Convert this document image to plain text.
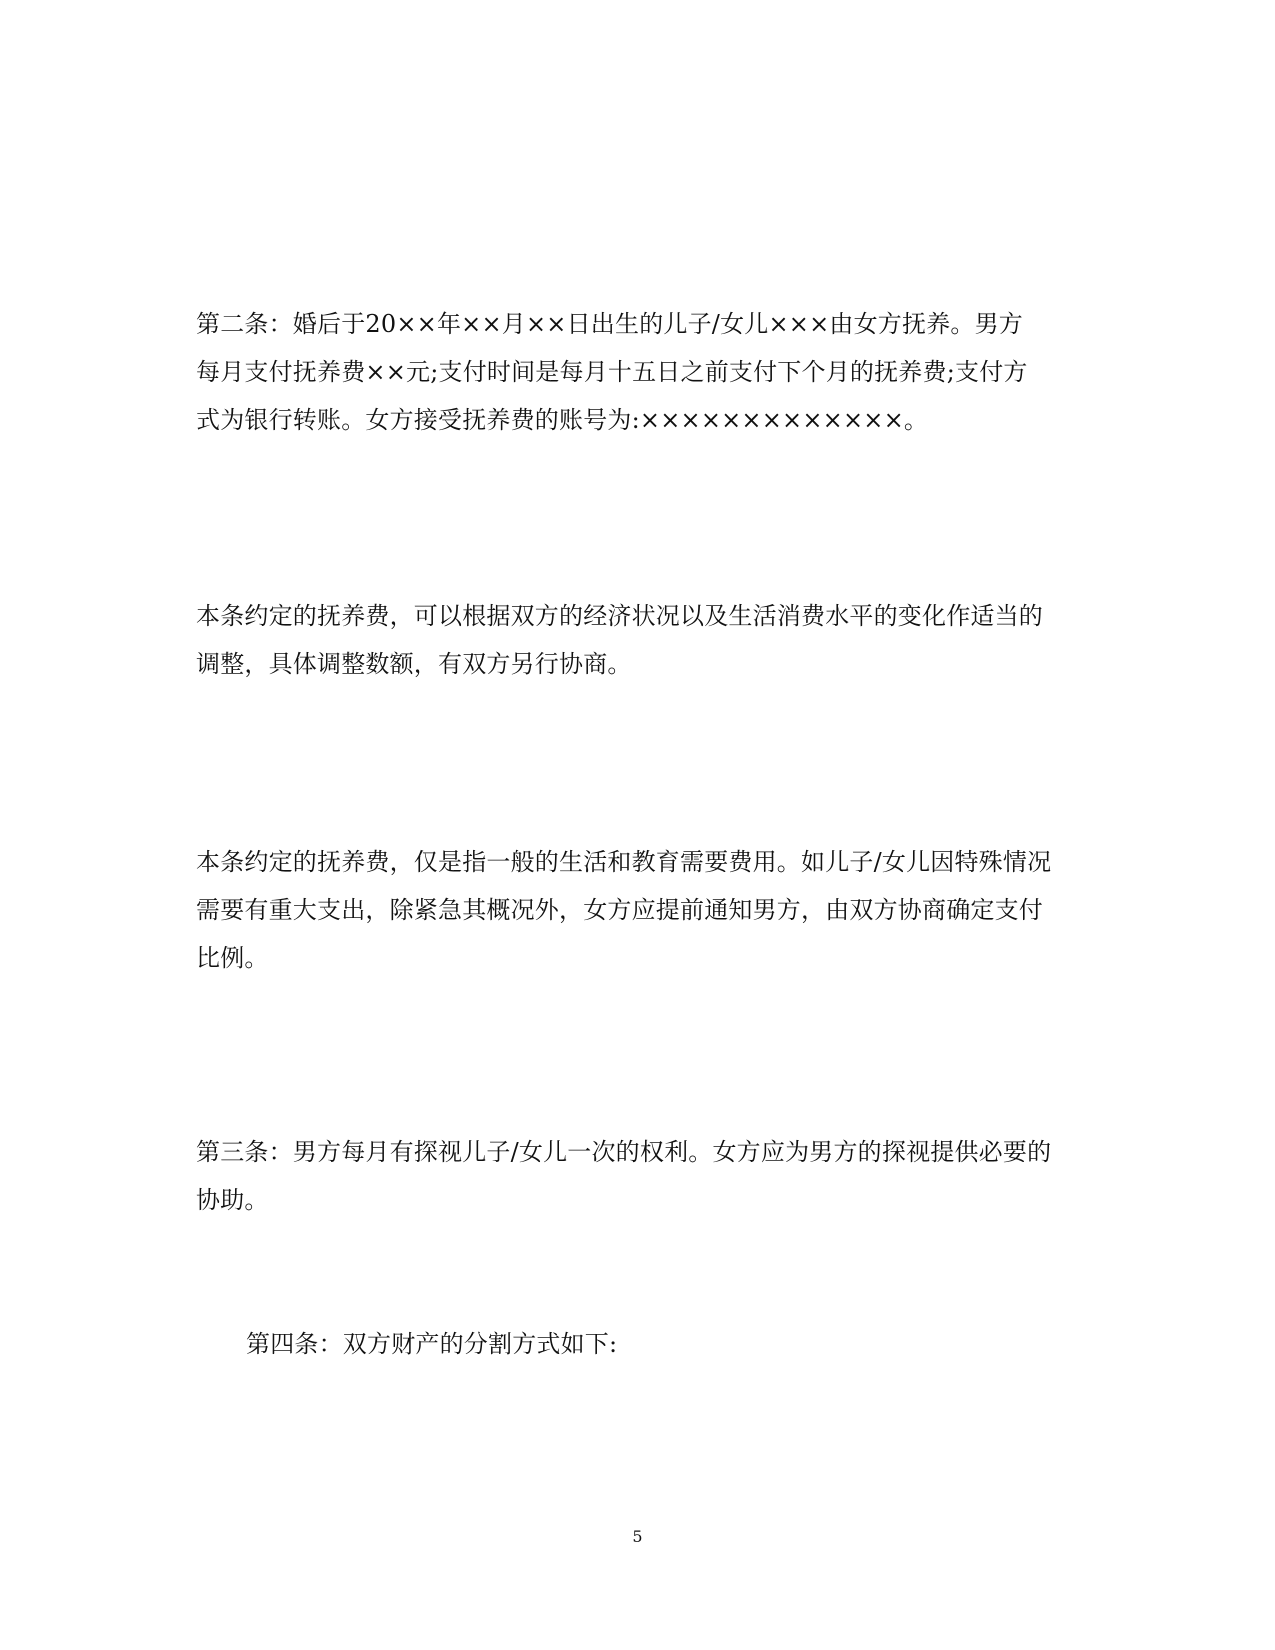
第二条：婚后于20××年××月××日出生的儿子/女儿×××由女方抚养。男方
每月支付抚养费××元;支付时间是每月十五日之前支付下个月的抚养费;支付方
式为银行转账。女方接受抚养费的账号为:×××××××××××××。

本条约定的抚养费，可以根据双方的经济状况以及生活消费水平的变化作适当的
调整，具体调整数额，有双方另行协商。

本条约定的抚养费，仅是指一般的生活和教育需要费用。如儿子/女儿因特殊情况
需要有重大支出，除紧急其概况外，女方应提前通知男方，由双方协商确定支付
比例。

第三条：男方每月有探视儿子/女儿一次的权利。女方应为男方的探视提供必要的
协助。

第四条：双方财产的分割方式如下:

5
